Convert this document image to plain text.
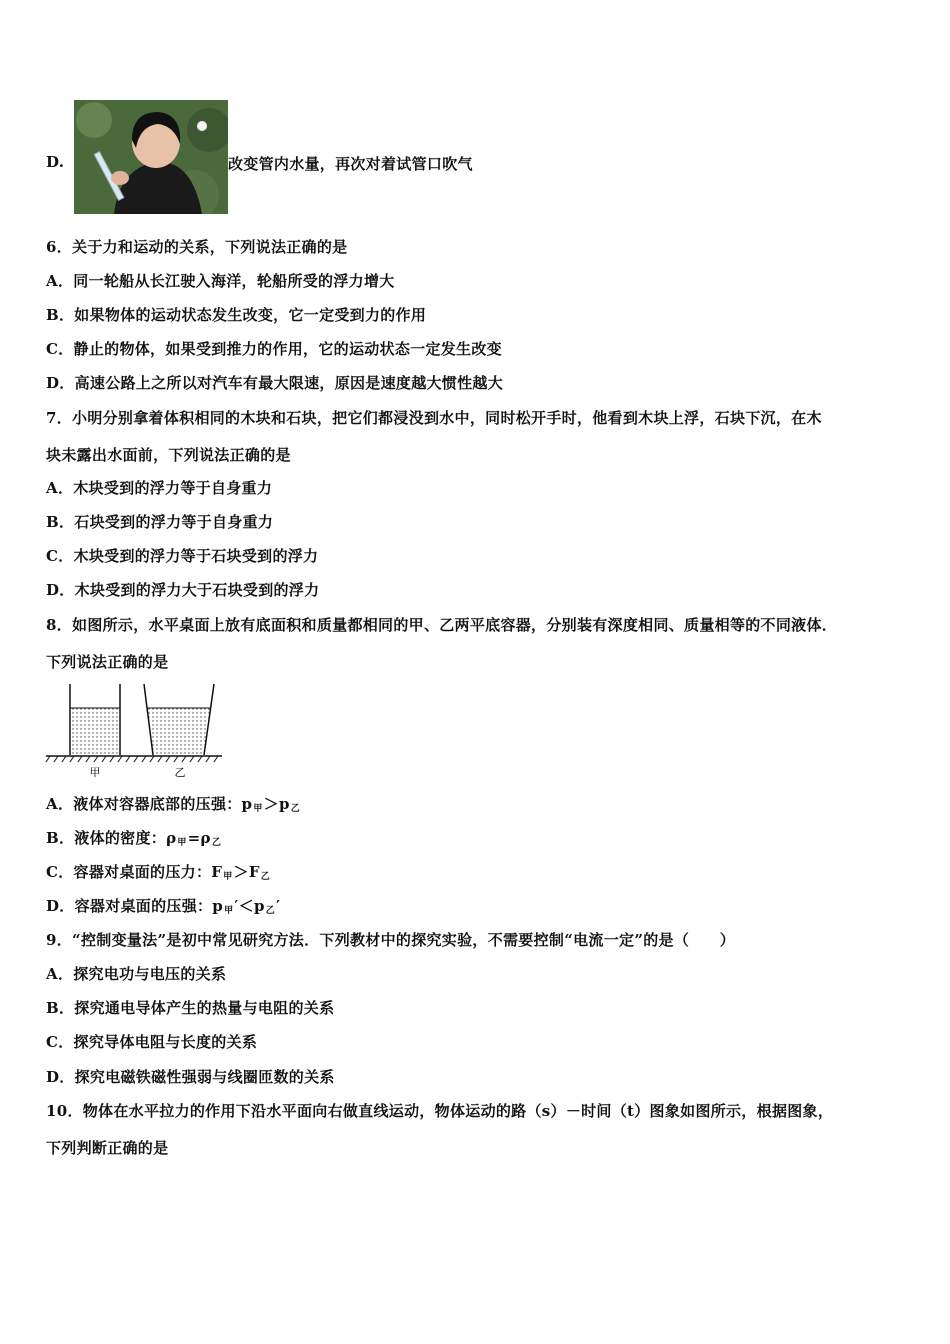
D.	改变管内水量，再次对着试管口吹气
6．关于力和运动的关系，下列说法正确的是
A．同一轮船从长江驶入海洋，轮船所受的浮力增大
B．如果物体的运动状态发生改变，它一定受到力的作用
C．静止的物体，如果受到推力的作用，它的运动状态一定发生改变
D．高速公路上之所以对汽车有最大限速，原因是速度越大惯性越大
7．小明分别拿着体积相同的木块和石块，把它们都浸没到水中，同时松开手时，他看到木块上浮，石块下沉，在木
块未露出水面前，下列说法正确的是
A．木块受到的浮力等于自身重力
B．石块受到的浮力等于自身重力
C．木块受到的浮力等于石块受到的浮力
D．木块受到的浮力大于石块受到的浮力
8．如图所示，水平桌面上放有底面积和质量都相同的甲、乙两平底容器，分别装有深度相同、质量相等的不同液体．
下列说法正确的是
甲	乙
A．液体对容器底部的压强：p甲＞p乙
B．液体的密度：ρ甲=ρ乙
C．容器对桌面的压力：F甲＞F乙
D．容器对桌面的压强：p甲′＜p乙′
9．“控制变量法”是初中常见研究方法．下列教材中的探究实验，不需要控制“电流一定”的是（　　）
A．探究电功与电压的关系
B．探究通电导体产生的热量与电阻的关系
C．探究导体电阻与长度的关系
D．探究电磁铁磁性强弱与线圈匝数的关系
10．物体在水平拉力的作用下沿水平面向右做直线运动，物体运动的路（s）－时间（t）图象如图所示，根据图象，
下列判断正确的是
